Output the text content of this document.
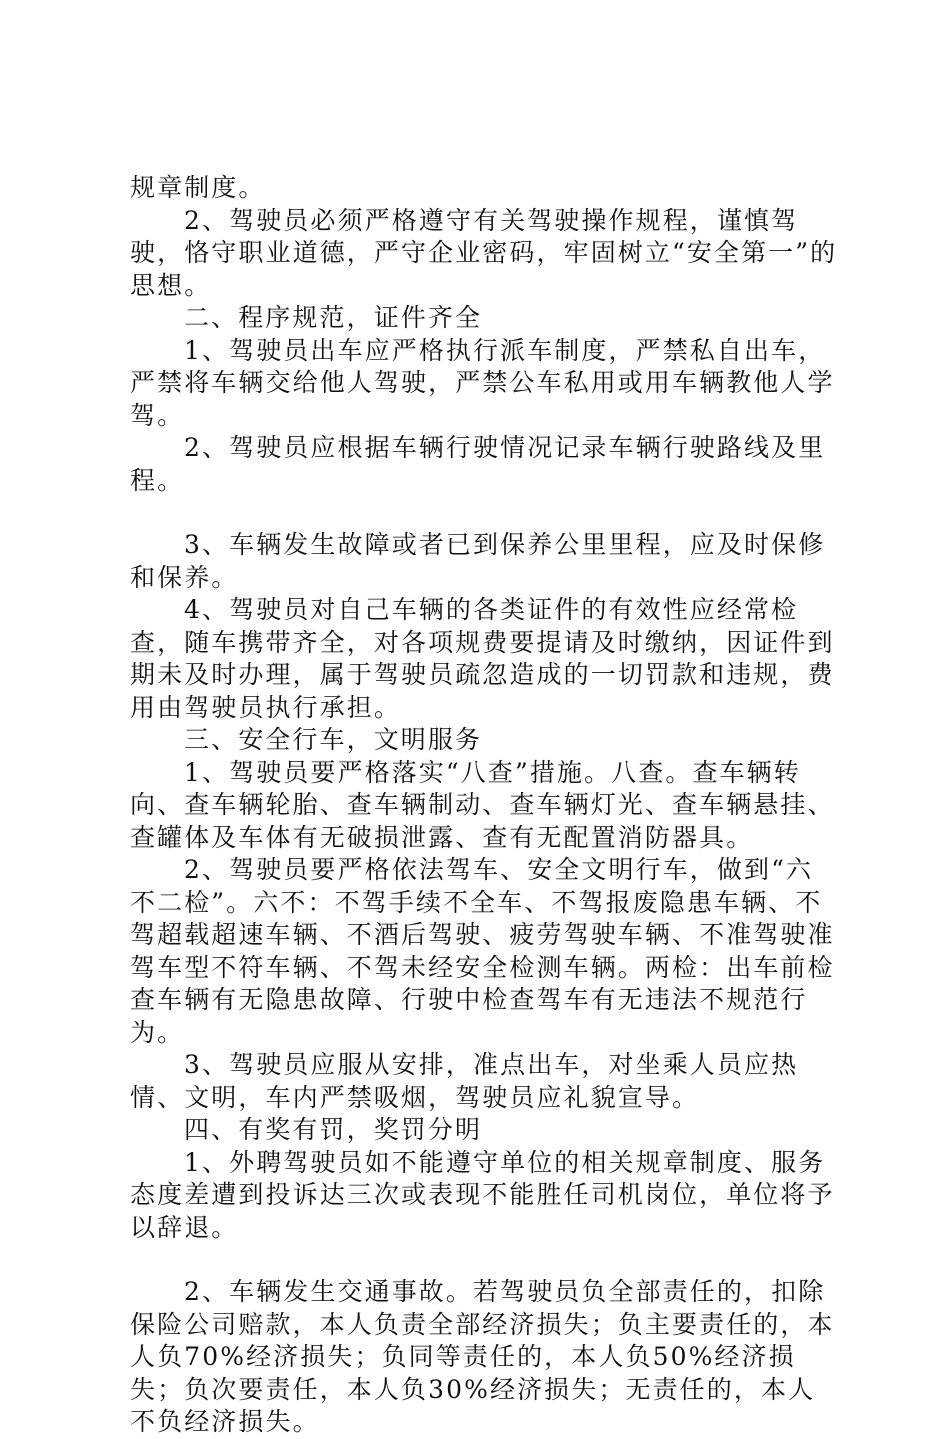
规章制度。

2、驾驶员必须严格遵守有关驾驶操作规程，谨慎驾驶，恪守职业道德，严守企业密码，牢固树立“安全第一”的思想。

二、程序规范，证件齐全

1、驾驶员出车应严格执行派车制度，严禁私自出车，严禁将车辆交给他人驾驶，严禁公车私用或用车辆教他人学驾。

2、驾驶员应根据车辆行驶情况记录车辆行驶路线及里程。

3、车辆发生故障或者已到保养公里里程，应及时保修和保养。

4、驾驶员对自己车辆的各类证件的有效性应经常检查，随车携带齐全，对各项规费要提请及时缴纳，因证件到期未及时办理，属于驾驶员疏忽造成的一切罚款和违规，费用由驾驶员执行承担。

三、安全行车，文明服务

1、驾驶员要严格落实“八查”措施。八查。查车辆转向、查车辆轮胎、查车辆制动、查车辆灯光、查车辆悬挂、查罐体及车体有无破损泄露、查有无配置消防器具。

2、驾驶员要严格依法驾车、安全文明行车，做到“六不二检”。六不：不驾手续不全车、不驾报废隐患车辆、不驾超载超速车辆、不酒后驾驶、疲劳驾驶车辆、不准驾驶准驾车型不符车辆、不驾未经安全检测车辆。两检：出车前检查车辆有无隐患故障、行驶中检查驾车有无违法不规范行为。

3、驾驶员应服从安排，准点出车，对坐乘人员应热情、文明，车内严禁吸烟，驾驶员应礼貌宣导。

四、有奖有罚，奖罚分明

1、外聘驾驶员如不能遵守单位的相关规章制度、服务态度差遭到投诉达三次或表现不能胜任司机岗位，单位将予以辞退。

2、车辆发生交通事故。若驾驶员负全部责任的，扣除保险公司赔款，本人负责全部经济损失；负主要责任的，本人负70%经济损失；负同等责任的，本人负50%经济损失；负次要责任，本人负30%经济损失；无责任的，本人不负经济损失。
